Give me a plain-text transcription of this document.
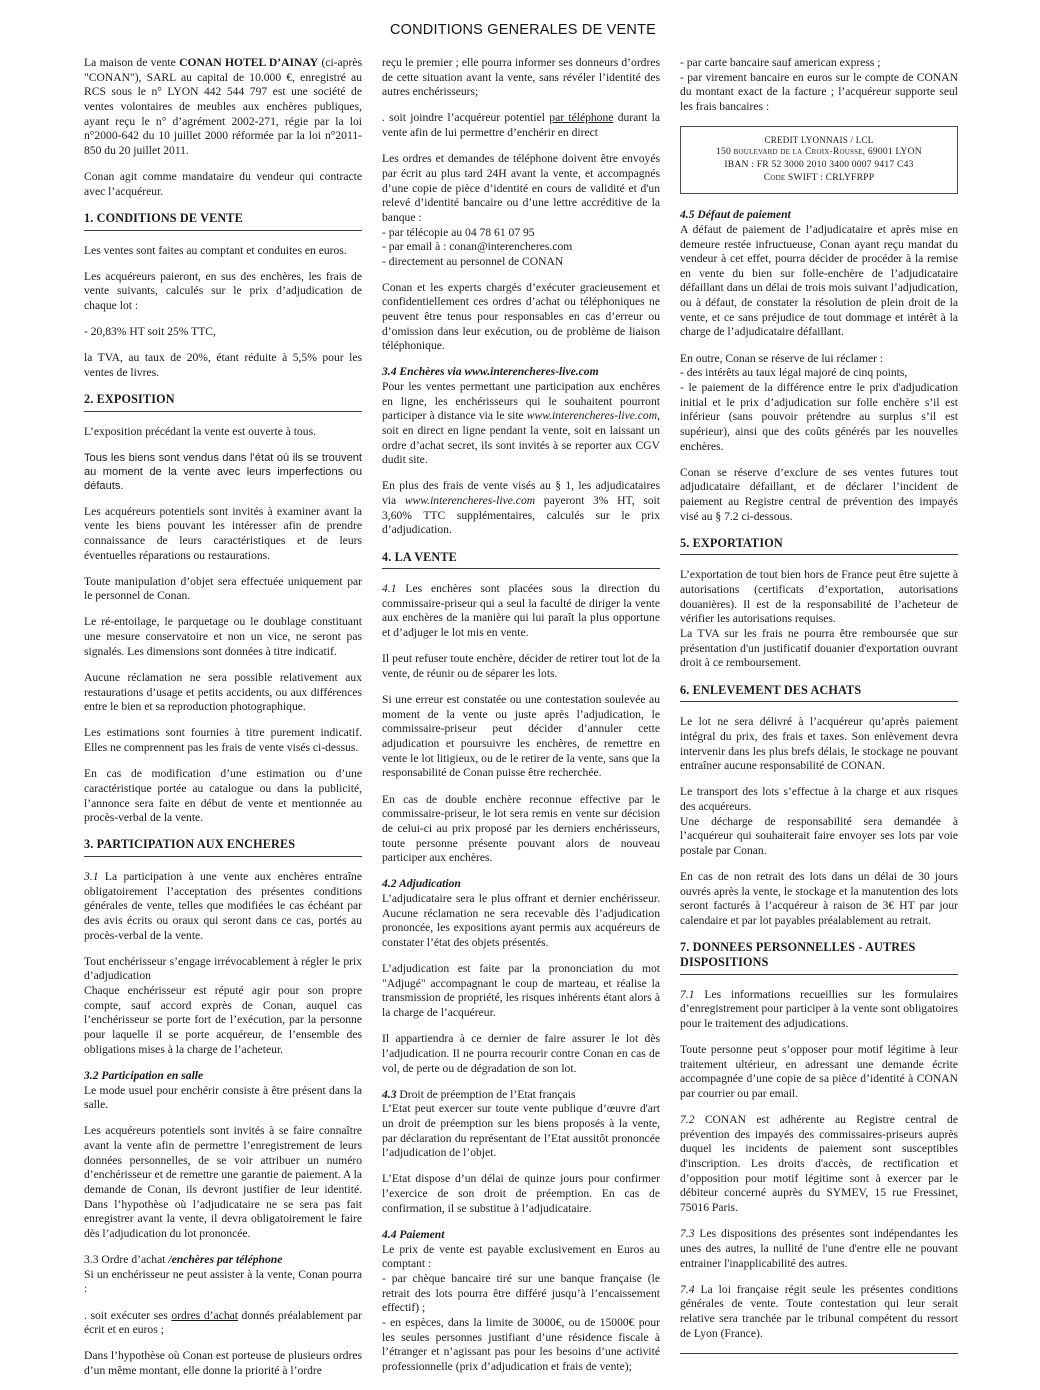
CONDITIONS GENERALES DE VENTE

La maison de vente CONAN HOTEL D’AINAY (ci-après "CONAN"), SARL au capital de 10.000 €, enregistré au RCS sous le n° LYON 442 544 797 est une société de ventes volontaires de meubles aux enchères publiques, ayant reçu le n° d’agrément 2002-271, régie par la loi n°2000-642 du 10 juillet 2000 réformée par la loi n°2011-850 du 20 juillet 2011.

Conan agit comme mandataire du vendeur qui contracte avec l’acquéreur.

1. CONDITIONS DE VENTE

Les ventes sont faites au comptant et conduites en euros.

Les acquéreurs paieront, en sus des enchères, les frais de vente suivants, calculés sur le prix d’adjudication de chaque lot :

- 20,83% HT soit 25% TTC,

la TVA, au taux de 20%, étant réduite à 5,5% pour les ventes de livres.

2. EXPOSITION

L’exposition précédant la vente est ouverte à tous.

Tous les biens sont vendus dans l’état où ils se trouvent au moment de la vente avec leurs imperfections ou défauts.

Les acquéreurs potentiels sont invités à examiner avant la vente les biens pouvant les intéresser afin de prendre connaissance de leurs caractéristiques et de leurs éventuelles réparations ou restaurations.

Toute manipulation d’objet sera effectuée uniquement par le personnel de Conan.

Le ré-entoilage, le parquetage ou le doublage constituant une mesure conservatoire et non un vice, ne seront pas signalés. Les dimensions sont données à titre indicatif.

Aucune réclamation ne sera possible relativement aux restaurations d’usage et petits accidents, ou aux différences entre le bien et sa reproduction photographique.

Les estimations sont fournies à titre purement indicatif. Elles ne comprennent pas les frais de vente visés ci-dessus.

En cas de modification d’une estimation ou d’une caractéristique portée au catalogue ou dans la publicité, l’annonce sera faite en début de vente et mentionnée au procès-verbal de la vente.

3. PARTICIPATION AUX ENCHERES

3.1 La participation à une vente aux enchères entraîne obligatoirement l’acceptation des présentes conditions générales de vente, telles que modifiées le cas échéant par des avis écrits ou oraux qui seront dans ce cas, portés au procès-verbal de la vente.

Tout enchérisseur s’engage irrévocablement à régler le prix d’adjudication

Chaque enchérisseur est réputé agir pour son propre compte, sauf accord exprès de Conan, auquel cas l’enchérisseur se porte fort de l’exécution, par la personne pour laquelle il se porte acquéreur, de l’ensemble des obligations mises à la charge de l’acheteur.

3.2 Participation en salle

Le mode usuel pour enchérir consiste à être présent dans la salle.

Les acquéreurs potentiels sont invités à se faire connaître avant la vente afin de permettre l’enregistrement de leurs données personnelles, de se voir attribuer un numéro d’enchérisseur et de remettre une garantie de paiement. A la demande de Conan, ils devront justifier de leur identité. Dans l’hypothèse où l’adjudicataire ne se sera pas fait enregistrer avant la vente, il devra obligatoirement le faire dès l’adjudication du lot prononcée.

3.3 Ordre d’achat /enchères par téléphone

Si un enchérisseur ne peut assister à la vente, Conan pourra :

. soit exécuter ses ordres d’achat donnés préalablement par écrit et en euros ;

Dans l’hypothèse où Conan est porteuse de plusieurs ordres d’un même montant, elle donne la priorité à l’ordre

reçu le premier ; elle pourra informer ses donneurs d’ordres de cette situation avant la vente, sans révéler l’identité des autres enchérisseurs;

. soit joindre l’acquéreur potentiel par téléphone durant la vente afin de lui permettre d’enchérir en direct

Les ordres et demandes de téléphone doivent être envoyés par écrit au plus tard 24H avant la vente, et accompagnés d’une copie de pièce d’identité en cours de validité et d'un relevé d’identité bancaire ou d’une lettre accréditive de la banque :

- par télécopie au 04 78 61 07 95

- par email à : conan@interencheres.com

- directement au personnel de CONAN

Conan et les experts chargés d’exécuter gracieusement et confidentiellement ces ordres d’achat ou téléphoniques ne peuvent être tenus pour responsables en cas d’erreur ou d’omission dans leur exécution, ou de problème de liaison téléphonique.

3.4 Enchères via www.interencheres-live.com

Pour les ventes permettant une participation aux enchères en ligne, les enchérisseurs qui le souhaitent pourront participer à distance via le site www.interencheres-live.com, soit en direct en ligne pendant la vente, soit en laissant un ordre d’achat secret, ils sont invités à se reporter aux CGV dudit site.

En plus des frais de vente visés au § 1, les adjudicataires via www.interencheres-live.com payeront 3% HT, soit 3,60% TTC supplémentaires, calculés sur le prix d’adjudication.

4. LA VENTE

4.1 Les enchères sont placées sous la direction du commissaire-priseur qui a seul la faculté de diriger la vente aux enchères de la manière qui lui paraît la plus opportune et d’adjuger le lot mis en vente.

Il peut refuser toute enchère, décider de retirer tout lot de la vente, de réunir ou de séparer les lots.

Si une erreur est constatée ou une contestation soulevée au moment de la vente ou juste après l’adjudication, le commissaire-priseur peut décider d’annuler cette adjudication et poursuivre les enchères, de remettre en vente le lot litigieux, ou de le retirer de la vente, sans que la responsabilité de Conan puisse être recherchée.

En cas de double enchère reconnue effective par le commissaire-priseur, le lot sera remis en vente sur décision de celui-ci au prix proposé par les derniers enchérisseurs, toute personne présente pouvant alors de nouveau participer aux enchères.

4.2 Adjudication

L’adjudicataire sera le plus offrant et dernier enchérisseur. Aucune réclamation ne sera recevable dès l’adjudication prononcée, les expositions ayant permis aux acquéreurs de constater l’état des objets présentés.

L’adjudication est faite par la prononciation du mot "Adjugé" accompagnant le coup de marteau, et réalise la transmission de propriété, les risques inhérents étant alors à la charge de l’acquéreur.

Il appartiendra à ce dernier de faire assurer le lot dès l’adjudication. Il ne pourra recourir contre Conan en cas de vol, de perte ou de dégradation de son lot.

4.3 Droit de préemption de l’Etat français

L’Etat peut exercer sur toute vente publique d’œuvre d'art un droit de préemption sur les biens proposés à la vente, par déclaration du représentant de l’Etat aussitôt prononcée l’adjudication de l’objet.

L’Etat dispose d’un délai de quinze jours pour confirmer l’exercice de son droit de préemption. En cas de confirmation, il se substitue à l’adjudicataire.

4.4 Paiement

Le prix de vente est payable exclusivement en Euros au comptant :

- par chèque bancaire tiré sur une banque française (le retrait des lots pourra être différé jusqu’à l’encaissement effectif) ;

- en espèces, dans la limite de 3000€, ou de 15000€ pour les seules personnes justifiant d’une résidence fiscale à l’étranger et n’agissant pas pour les besoins d’une activité professionnelle (prix d’adjudication et frais de vente);

- par carte bancaire sauf american express ;

- par virement bancaire en euros sur le compte de CONAN du montant exact de la facture ; l’acquéreur supporte seul les frais bancaires :

CREDIT LYONNAIS / LCL
150 boulevard de la Croix-Rousse, 69001 LYON
IBAN : FR 52 3000 2010 3400 0007 9417 C43
Code SWIFT : CRLYFRPP

4.5 Défaut de paiement

A défaut de paiement de l’adjudicataire et après mise en demeure restée infructueuse, Conan ayant reçu mandat du vendeur à cet effet, pourra décider de procéder à la remise en vente du bien sur folle-enchère de l’adjudicataire défaillant dans un délai de trois mois suivant l’adjudication, ou à défaut, de constater la résolution de plein droit de la vente, et ce sans préjudice de tout dommage et intérêt à la charge de l’adjudicataire défaillant.

En outre, Conan se réserve de lui réclamer :

- des intérêts au taux légal majoré de cinq points,

- le paiement de la différence entre le prix d'adjudication initial et le prix d’adjudication sur folle enchère s’il est inférieur (sans pouvoir prétendre au surplus s’il est supérieur), ainsi que des coûts générés par les nouvelles enchères.

Conan se réserve d’exclure de ses ventes futures tout adjudicataire défaillant, et de déclarer l’incident de paiement au Registre central de prévention des impayés visé au § 7.2 ci-dessous.

5. EXPORTATION

L’exportation de tout bien hors de France peut être sujette à autorisations (certificats d’exportation, autorisations douanières). Il est de la responsabilité de l’acheteur de vérifier les autorisations requises.

La TVA sur les frais ne pourra être remboursée que sur présentation d'un justificatif douanier d'exportation ouvrant droit à ce remboursement.

6. ENLEVEMENT DES ACHATS

Le lot ne sera délivré à l’acquéreur qu’après paiement intégral du prix, des frais et taxes. Son enlèvement devra intervenir dans les plus brefs délais, le stockage ne pouvant entraîner aucune responsabilité de CONAN.

Le transport des lots s’effectue à la charge et aux risques des acquéreurs.

Une décharge de responsabilité sera demandée à l’acquéreur qui souhaiterait faire envoyer ses lots par voie postale par Conan.

En cas de non retrait des lots dans un délai de 30 jours ouvrés après la vente, le stockage et la manutention des lots seront facturés à l’acquéreur à raison de 3€ HT par jour calendaire et par lot payables préalablement au retrait.

7. DONNEES PERSONNELLES - AUTRES DISPOSITIONS

7.1 Les informations recueillies sur les formulaires d’enregistrement pour participer à la vente sont obligatoires pour le traitement des adjudications.

Toute personne peut s’opposer pour motif légitime à leur traitement ultérieur, en adressant une demande écrite accompagnée d’une copie de sa pièce d’identité à CONAN par courrier ou par email.

7.2 CONAN est adhérente au Registre central de prévention des impayés des commissaires-priseurs auprès duquel les incidents de paiement sont susceptibles d'inscription. Les droits d'accès, de rectification et d’opposition pour motif légitime sont à exercer par le débiteur concerné auprès du SYMEV, 15 rue Fressinet, 75016 Paris.

7.3 Les dispositions des présentes sont indépendantes les unes des autres, la nullité de l'une d'entre elle ne pouvant entrainer l'inapplicabilité des autres.

7.4 La loi française régit seule les présentes conditions générales de vente. Toute contestation qui leur serait relative sera tranchée par le tribunal compétent du ressort de Lyon (France).
